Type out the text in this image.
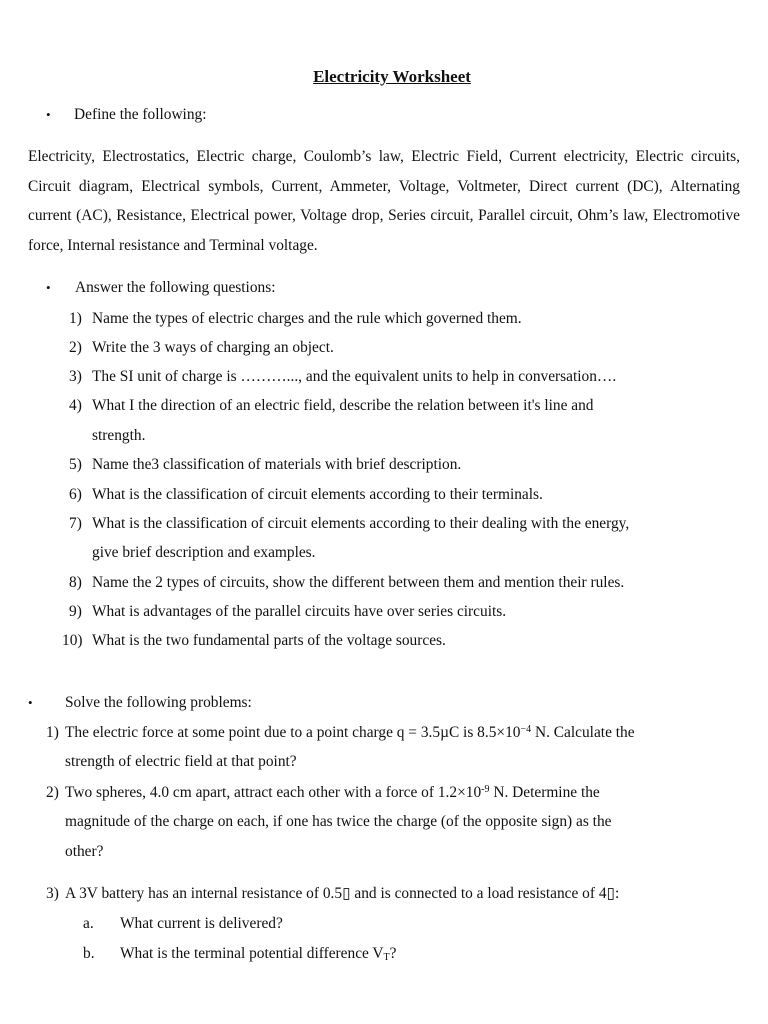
Electricity Worksheet
• Define the following:
Electricity, Electrostatics, Electric charge, Coulomb’s law, Electric Field, Current electricity, Electric circuits, Circuit diagram, Electrical symbols, Current, Ammeter, Voltage, Voltmeter, Direct current (DC), Alternating current (AC), Resistance, Electrical power, Voltage drop, Series circuit, Parallel circuit, Ohm’s law, Electromotive force, Internal resistance and Terminal voltage.
• Answer the following questions:
1) Name the types of electric charges and the rule which governed them.
2) Write the 3 ways of charging an object.
3) The SI unit of charge is ………..., and the equivalent units to help in conversation….
4) What I the direction of an electric field, describe the relation between it's line and
strength.
5) Name the3 classification of materials with brief description.
6) What is the classification of circuit elements according to their terminals.
7) What is the classification of circuit elements according to their dealing with the energy,
give brief description and examples.
8) Name the 2 types of circuits, show the different between them and mention their rules.
9) What is advantages of the parallel circuits have over series circuits.
10) What is the two fundamental parts of the voltage sources.
• Solve the following problems:
1) The electric force at some point due to a point charge q = 3.5µC is $8.5\times 10^{-4}$ N. Calculate the
strength of electric field at that point?
2) Two spheres, 4.0 cm apart, attract each other with a force of $1.2\times 10^{-9}$ N. Determine the
magnitude of the charge on each, if one has twice the charge (of the opposite sign) as the
other?
3) A 3V battery has an internal resistance of 0.5▯ and is connected to a load resistance of 4▯:
a. What current is delivered?
b. What is the terminal potential difference $V_T$?
